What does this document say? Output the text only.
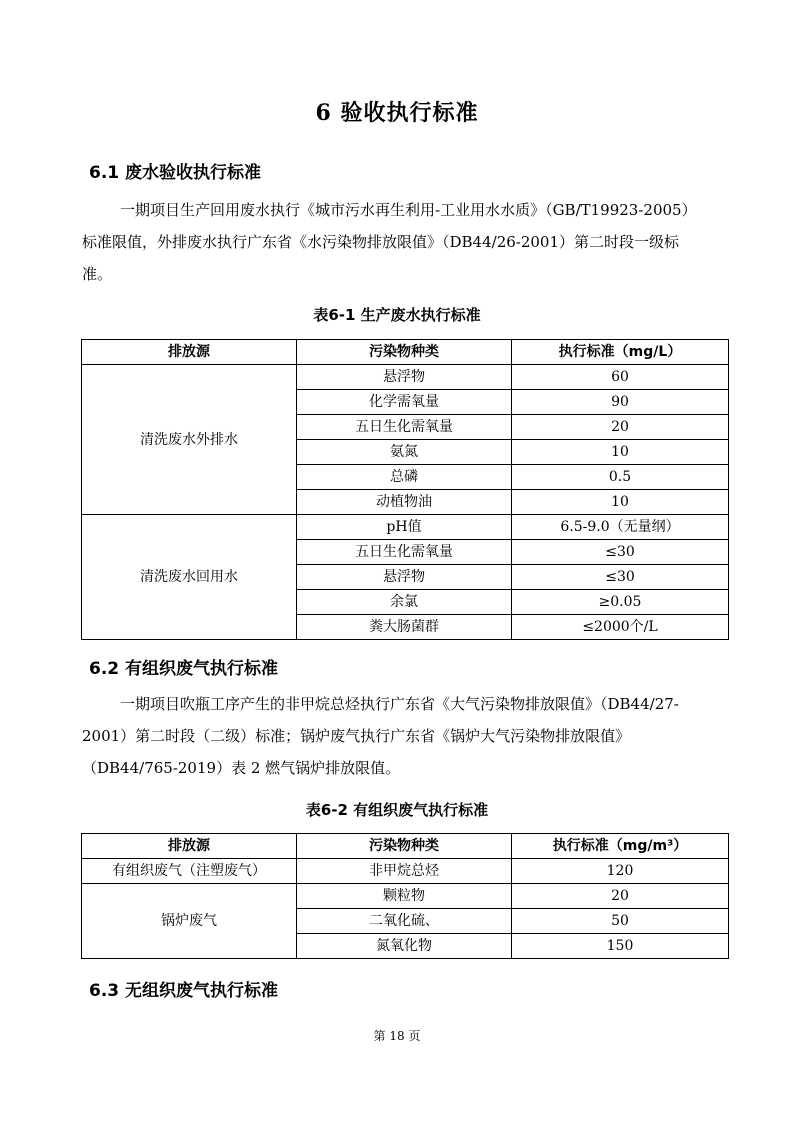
6 验收执行标准
6.1 废水验收执行标准
一期项目生产回用废水执行《城市污水再生利用-工业用水水质》（GB/T19923-2005）
标准限值，外排废水执行广东省《水污染物排放限值》（DB44/26-2001）第二时段一级标
准。
表6-1 生产废水执行标准
排放源	污染物种类	执行标准（mg/L）
清洗废水外排水	悬浮物	60
	化学需氧量	90
	五日生化需氧量	20
	氨氮	10
	总磷	0.5
	动植物油	10
清洗废水回用水	pH值	6.5-9.0（无量纲）
	五日生化需氧量	≤30
	悬浮物	≤30
	余氯	≥0.05
	粪大肠菌群	≤2000个/L
6.2 有组织废气执行标准
一期项目吹瓶工序产生的非甲烷总烃执行广东省《大气污染物排放限值》（DB44/27-
2001）第二时段（二级）标准；锅炉废气执行广东省《锅炉大气污染物排放限值》
（DB44/765-2019）表 2 燃气锅炉排放限值。
表6-2 有组织废气执行标准
排放源	污染物种类	执行标准（mg/m³）
有组织废气（注塑废气）	非甲烷总烃	120
锅炉废气	颗粒物	20
	二氧化硫、	50
	氮氧化物	150
6.3 无组织废气执行标准
第 18 页
